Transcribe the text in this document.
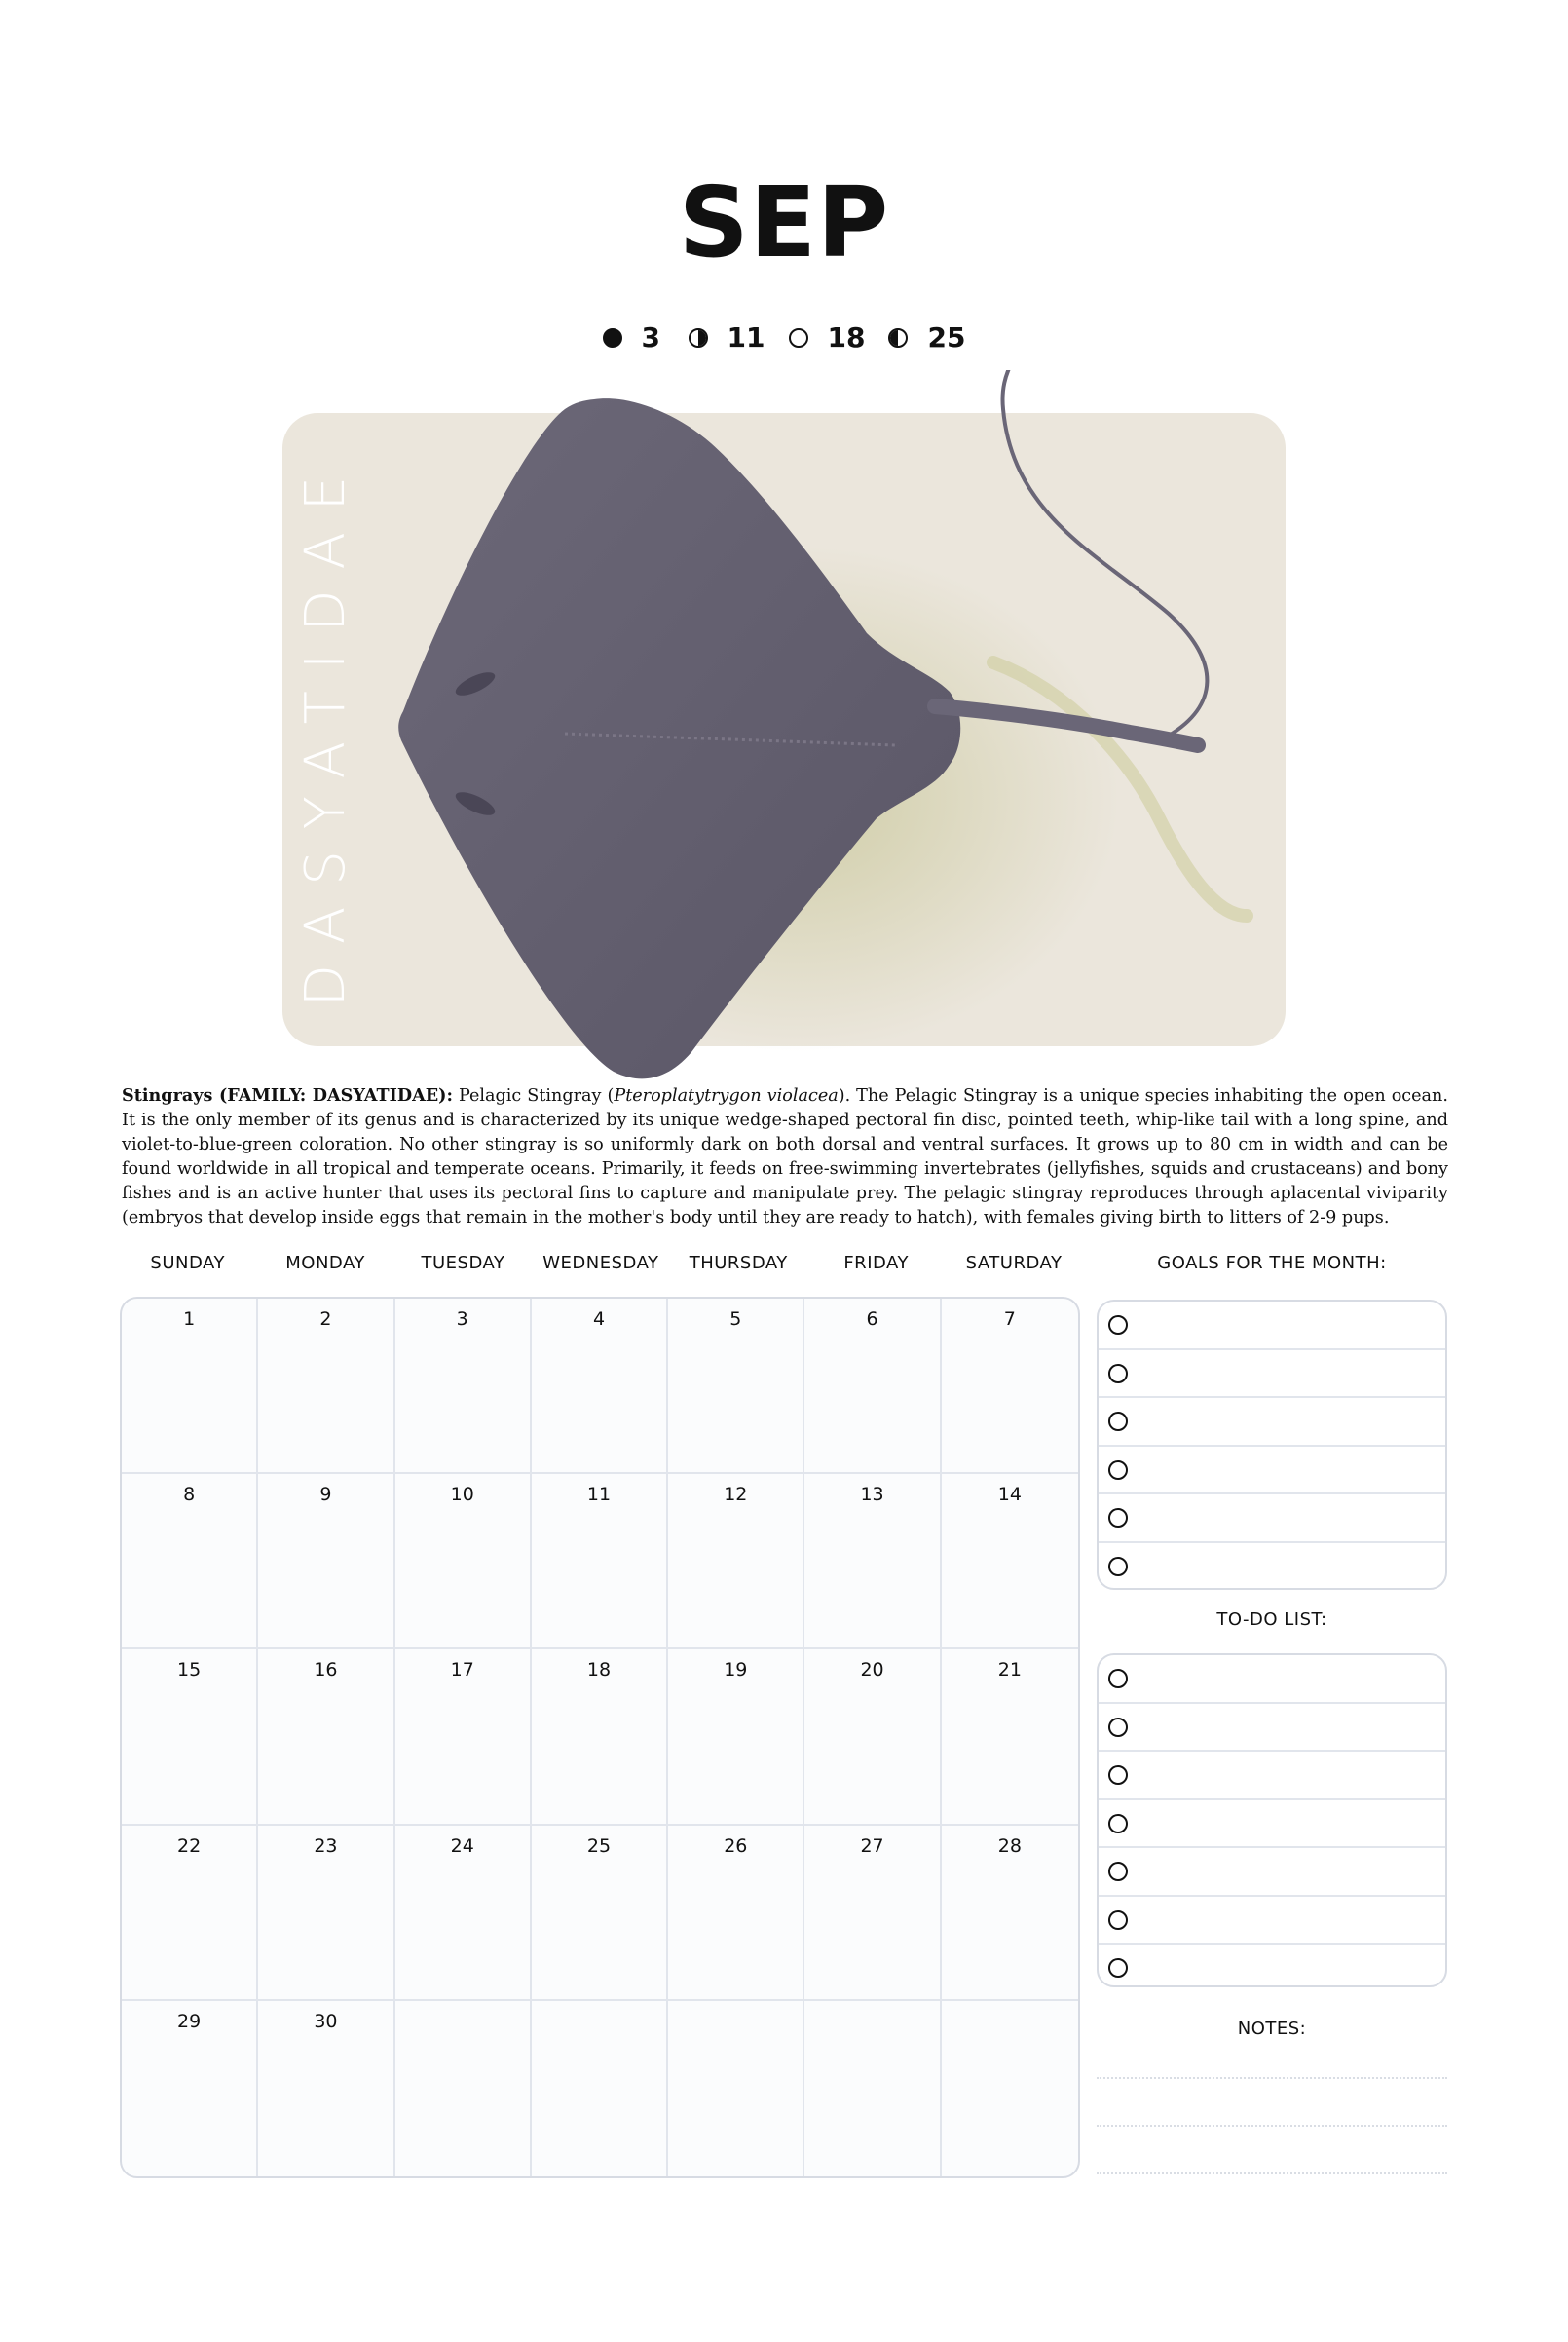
SEP
3 11 18 25
DASYATIDAE
Stingrays (FAMILY: DASYATIDAE): Pelagic Stingray (Pteroplatytrygon violacea). The Pelagic Stingray is a unique species inhabiting the open ocean. It is the only member of its genus and is characterized by its unique wedge-shaped pectoral fin disc, pointed teeth, whip-like tail with a long spine, and violet-to-blue-green coloration. No other stingray is so uniformly dark on both dorsal and ventral surfaces. It grows up to 80 cm in width and can be found worldwide in all tropical and temperate oceans. Primarily, it feeds on free-swimming invertebrates (jellyfishes, squids and crustaceans) and bony fishes and is an active hunter that uses its pectoral fins to capture and manipulate prey. The pelagic stingray reproduces through aplacental viviparity (embryos that develop inside eggs that remain in the mother's body until they are ready to hatch), with females giving birth to litters of 2-9 pups.
SUNDAY	MONDAY	TUESDAY	WEDNESDAY	THURSDAY	FRIDAY	SATURDAY
1	2	3	4	5	6	7
8	9	10	11	12	13	14
15	16	17	18	19	20	21
22	23	24	25	26	27	28
29	30
GOALS FOR THE MONTH:
TO-DO LIST:
NOTES:
